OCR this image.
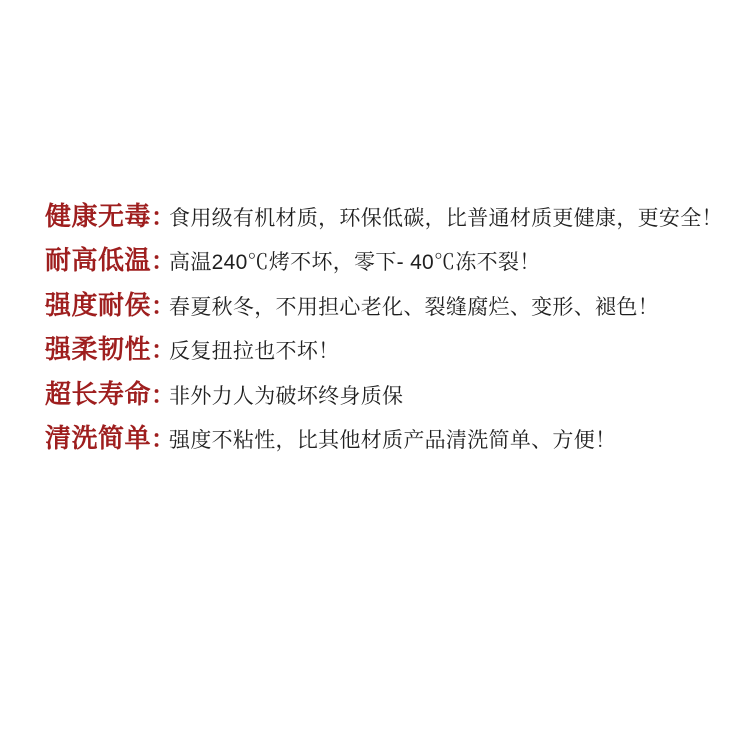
健康无毒：食用级有机材质，环保低碳，比普通材质更健康，更安全！
耐高低温：高温240℃烤不坏，零下- 40℃冻不裂！
强度耐侯：春夏秋冬，不用担心老化、裂缝腐烂、变形、褪色！
强柔韧性：反复扭拉也不坏！
超长寿命：非外力人为破坏终身质保
清洗简单：强度不粘性，比其他材质产品清洗简单、方便！
